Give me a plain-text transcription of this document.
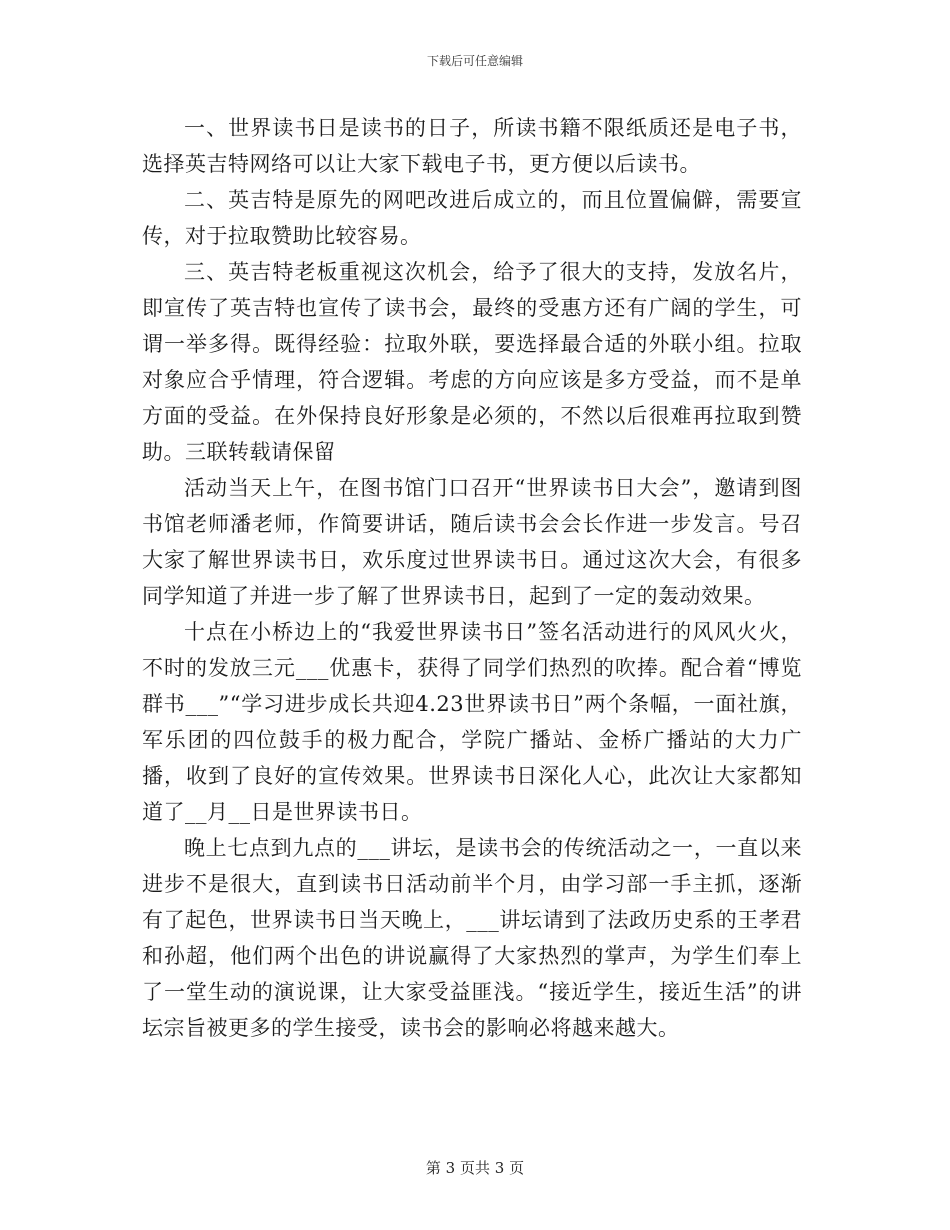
下载后可任意编辑

一、世界读书日是读书的日子，所读书籍不限纸质还是电子书，选择英吉特网络可以让大家下载电子书，更方便以后读书。

二、英吉特是原先的网吧改进后成立的，而且位置偏僻，需要宣传，对于拉取赞助比较容易。

三、英吉特老板重视这次机会，给予了很大的支持，发放名片，即宣传了英吉特也宣传了读书会，最终的受惠方还有广阔的学生，可谓一举多得。既得经验：拉取外联，要选择最合适的外联小组。拉取对象应合乎情理，符合逻辑。考虑的方向应该是多方受益，而不是单方面的受益。在外保持良好形象是必须的，不然以后很难再拉取到赞助。三联转载请保留

活动当天上午，在图书馆门口召开“世界读书日大会”，邀请到图书馆老师潘老师，作简要讲话，随后读书会会长作进一步发言。号召大家了解世界读书日，欢乐度过世界读书日。通过这次大会，有很多同学知道了并进一步了解了世界读书日，起到了一定的轰动效果。

十点在小桥边上的“我爱世界读书日”签名活动进行的风风火火，不时的发放三元___优惠卡，获得了同学们热烈的吹捧。配合着“博览群书___”“学习进步成长共迎4.23世界读书日”两个条幅，一面社旗，军乐团的四位鼓手的极力配合，学院广播站、金桥广播站的大力广播，收到了良好的宣传效果。世界读书日深化人心，此次让大家都知道了__月__日是世界读书日。

晚上七点到九点的___讲坛，是读书会的传统活动之一，一直以来进步不是很大，直到读书日活动前半个月，由学习部一手主抓，逐渐有了起色，世界读书日当天晚上，___讲坛请到了法政历史系的王孝君和孙超，他们两个出色的讲说赢得了大家热烈的掌声，为学生们奉上了一堂生动的演说课，让大家受益匪浅。“接近学生，接近生活”的讲坛宗旨被更多的学生接受，读书会的影响必将越来越大。

第 3 页共 3 页
